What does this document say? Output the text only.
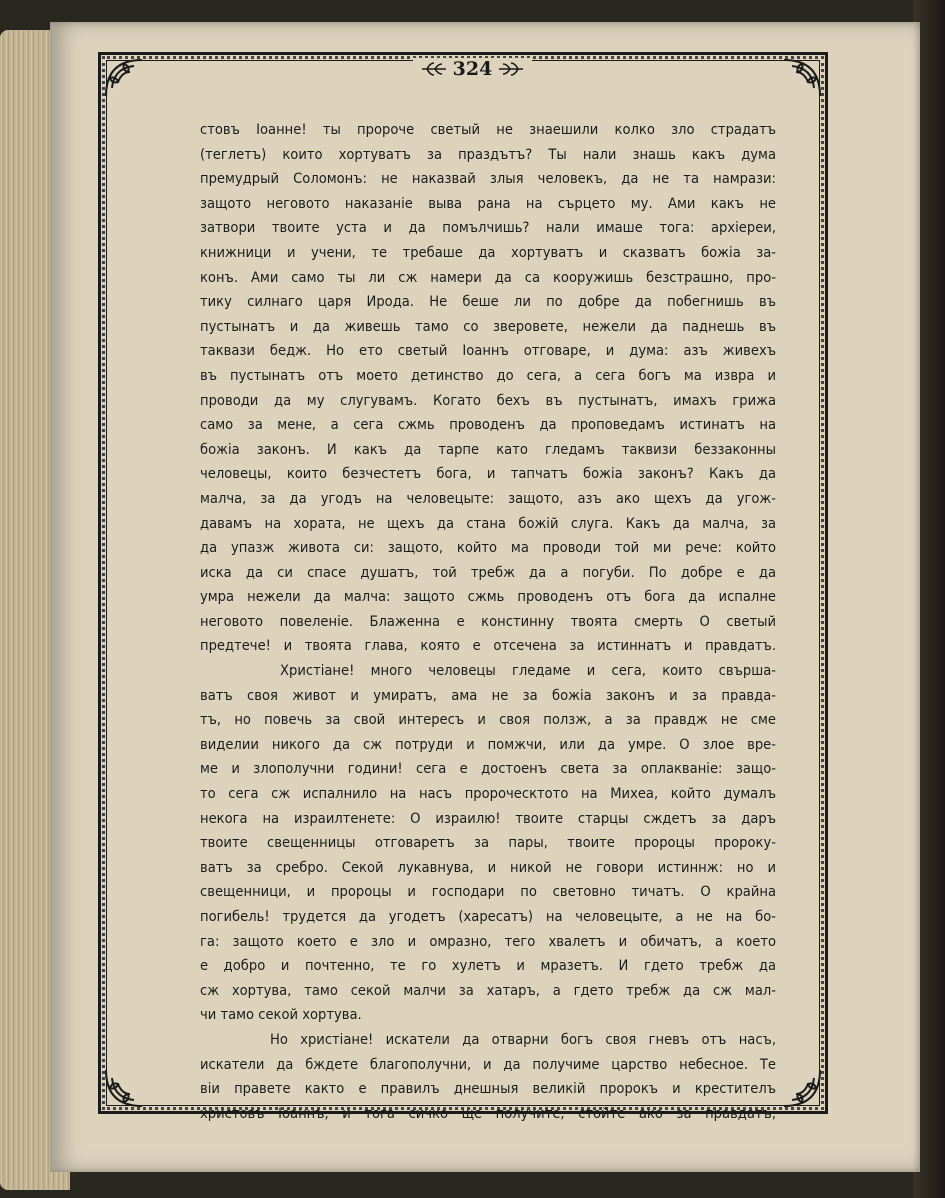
324
стовъ Іоанне! ты пророче светый не знаешили колко зло страдатъ
(теглетъ) които хортуватъ за праздътъ? Ты нали знашь какъ дума
премудрый Соломонъ: не наказвай злыя человекъ, да не та намрази:
защото неговото наказаніе выва рана на сърцето му. Ами какъ не
затвори твоите уста и да помълчишь? нали имаше тога: архіереи,
книжници и учени, те требаше да хортуватъ и сказватъ божіа за-
конъ. Ами само ты ли сж намери да са кооружишь безстрашно, про-
тику силнаго царя Ирода. Не беше ли по добре да побегнишь въ
пустынатъ и да живешь тамо со зверовете, нежели да паднешь въ
таквази бедж. Но ето светый Іоаннъ отговаре, и дума: азъ живехъ
въ пустынатъ отъ моето детинство до сега, а сега богъ ма извра и
проводи да му слугувамъ. Когато бехъ въ пустынатъ, имахъ грижа
само за мене, а сега сжмь проводенъ да проповедамъ истинатъ на
божіа законъ. И какъ да тарпе като гледамъ таквизи беззаконны
человецы, които безчестетъ бога, и тапчатъ божіа законъ? Какъ да
малча, за да угодъ на человецыте: защото, азъ ако щехъ да угож-
давамъ на хората, не щехъ да стана божій слуга. Какъ да малча, за
да упазж живота си: защото, който ма проводи той ми рече: който
иска да си спасе душатъ, той требж да а погуби. По добре е да
умра нежели да малча: защото сжмь проводенъ отъ бога да испалне
неговото повеленіе. Блаженна е констинну твоята смерть О светый
предтече! и твоята глава, която е отсечена за истиннатъ и правдатъ.
Христіане! много человецы гледаме и сега, които свършa-
ватъ своя живот и умиратъ, ама не за божіа законъ и за правдa-
тъ, но повечь за свой интересъ и своя ползж, а за правдж не сме
виделии никого да сж потруди и помжчи, или да умре. О злое вре-
ме и злополучни години! сега е достоенъ света за оплакваніе: защо-
то сега сж испалнило на насъ пророческтото на Михеа, който думалъ
некога на израилтенете: О израилю! твоите старцы сждетъ за даръ
твоите свещенницы отговаретъ за пары, твоите пророцы пророку-
ватъ за сребро. Секой лукавнува, и никой не говори истиннж: но и
свещенници, и пророцы и господари по световно тичатъ. О крайна
погибель! трудется да угодетъ (харесатъ) на человецыте, а не на бо-
га: защото което е зло и омразно, тего хвалетъ и обичатъ, а което
е добро и почтенно, те го хулетъ и мразетъ. И гдето требж да
сж хортува, тамо секой малчи за хатаръ, а гдето требж да сж мал-
чи тамо секой хортува.
Но христіане! искатели да отварни богъ своя гневъ отъ насъ,
искатели да бждете благополучни, и да получиме царство небесное. Те
віи правете както е правилъ днешныя великій пророкъ и крестителъ
христовъ Іоаннъ, и тога сичко ще получите, стойте ако за правдатъ,
